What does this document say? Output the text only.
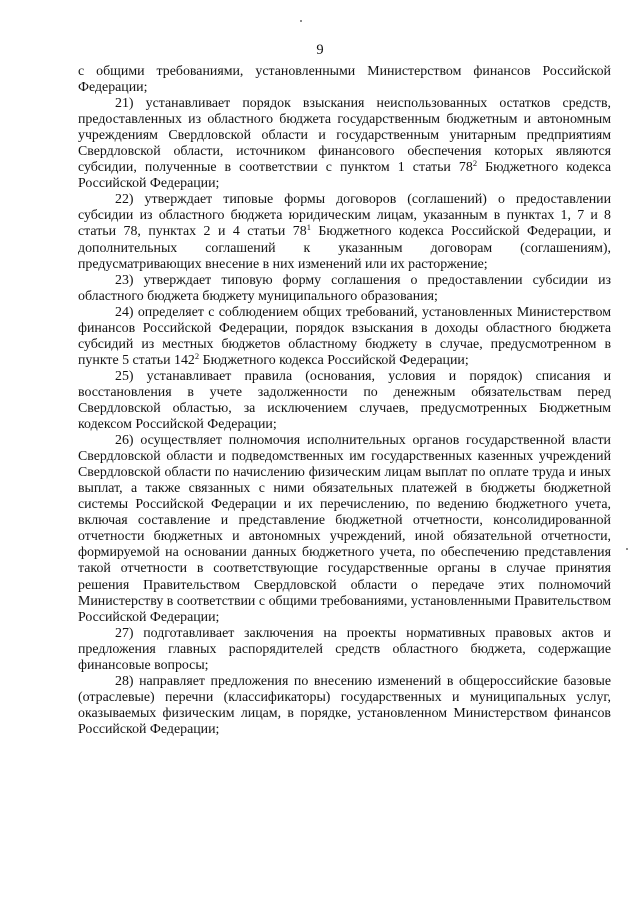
9

с общими требованиями, установленными Министерством финансов Российской Федерации;

21) устанавливает порядок взыскания неиспользованных остатков средств, предоставленных из областного бюджета государственным бюджетным и автономным учреждениям Свердловской области и государственным унитарным предприятиям Свердловской области, источником финансового обеспечения которых являются субсидии, полученные в соответствии с пунктом 1 статьи $78^2$ Бюджетного кодекса Российской Федерации;

22) утверждает типовые формы договоров (соглашений) о предоставлении субсидии из областного бюджета юридическим лицам, указанным в пунктах 1, 7 и 8 статьи 78, пунктах 2 и 4 статьи $78^1$ Бюджетного кодекса Российской Федерации, и дополнительных соглашений к указанным договорам (соглашениям), предусматривающих внесение в них изменений или их расторжение;

23) утверждает типовую форму соглашения о предоставлении субсидии из областного бюджета бюджету муниципального образования;

24) определяет с соблюдением общих требований, установленных Министерством финансов Российской Федерации, порядок взыскания в доходы областного бюджета субсидий из местных бюджетов областному бюджету в случае, предусмотренном в пункте 5 статьи $142^2$ Бюджетного кодекса Российской Федерации;

25) устанавливает правила (основания, условия и порядок) списания и восстановления в учете задолженности по денежным обязательствам перед Свердловской областью, за исключением случаев, предусмотренных Бюджетным кодексом Российской Федерации;

26) осуществляет полномочия исполнительных органов государственной власти Свердловской области и подведомственных им государственных казенных учреждений Свердловской области по начислению физическим лицам выплат по оплате труда и иных выплат, а также связанных с ними обязательных платежей в бюджеты бюджетной системы Российской Федерации и их перечислению, по ведению бюджетного учета, включая составление и представление бюджетной отчетности, консолидированной отчетности бюджетных и автономных учреждений, иной обязательной отчетности, формируемой на основании данных бюджетного учета, по обеспечению представления такой отчетности в соответствующие государственные органы в случае принятия решения Правительством Свердловской области о передаче этих полномочий Министерству в соответствии с общими требованиями, установленными Правительством Российской Федерации;

27) подготавливает заключения на проекты нормативных правовых актов и предложения главных распорядителей средств областного бюджета, содержащие финансовые вопросы;

28) направляет предложения по внесению изменений в общероссийские базовые (отраслевые) перечни (классификаторы) государственных и муниципальных услуг, оказываемых физическим лицам, в порядке, установленном Министерством финансов Российской Федерации;
